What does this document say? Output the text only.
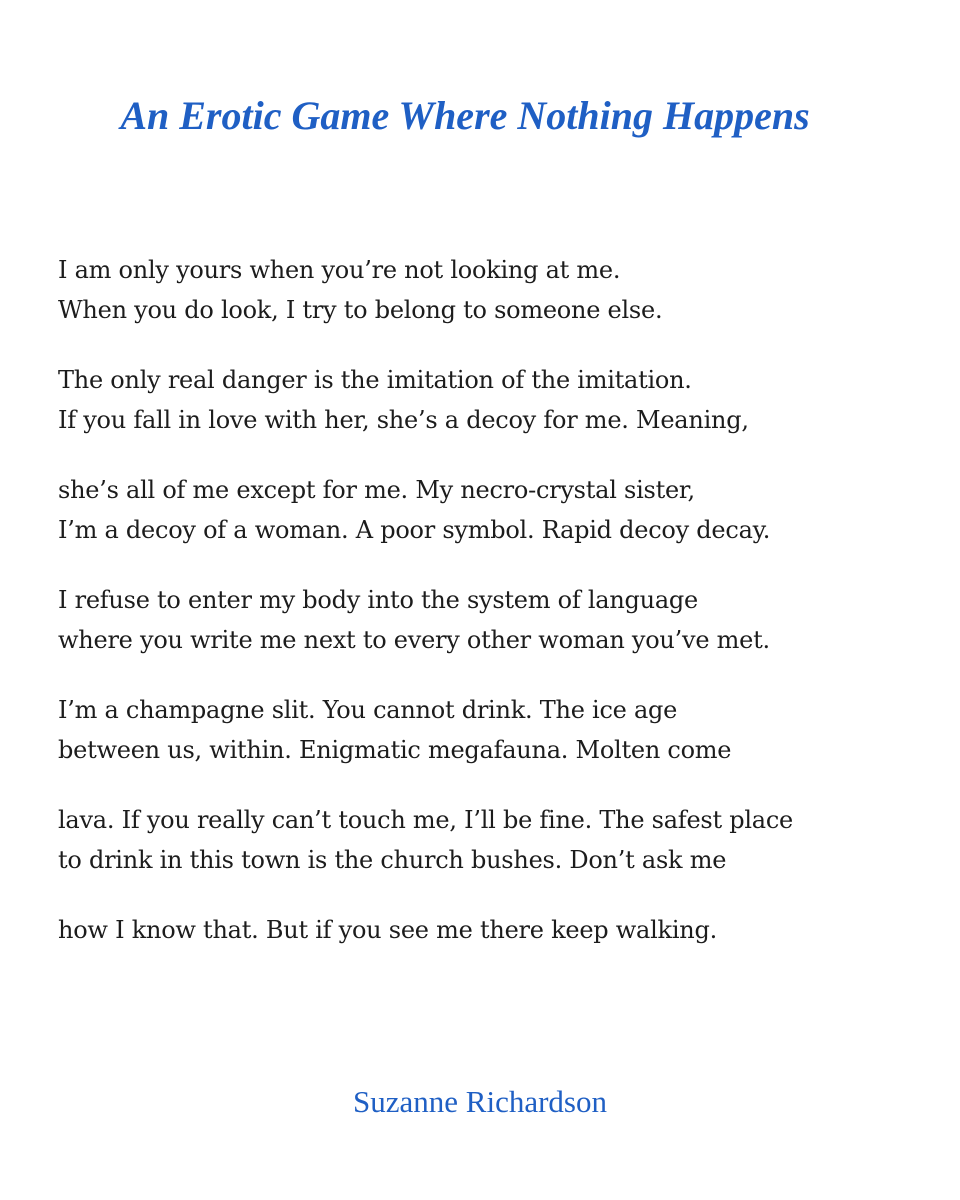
An Erotic Game Where Nothing Happens
I am only yours when you’re not looking at me.
When you do look, I try to belong to someone else.
The only real danger is the imitation of the imitation.
If you fall in love with her, she’s a decoy for me. Meaning,
she’s all of me except for me. My necro-crystal sister,
I’m a decoy of a woman. A poor symbol. Rapid decoy decay.
I refuse to enter my body into the system of language
where you write me next to every other woman you’ve met.
I’m a champagne slit. You cannot drink. The ice age
between us, within. Enigmatic megafauna. Molten come
lava. If you really can’t touch me, I’ll be fine. The safest place
to drink in this town is the church bushes. Don’t ask me
how I know that. But if you see me there keep walking.
Suzanne Richardson
